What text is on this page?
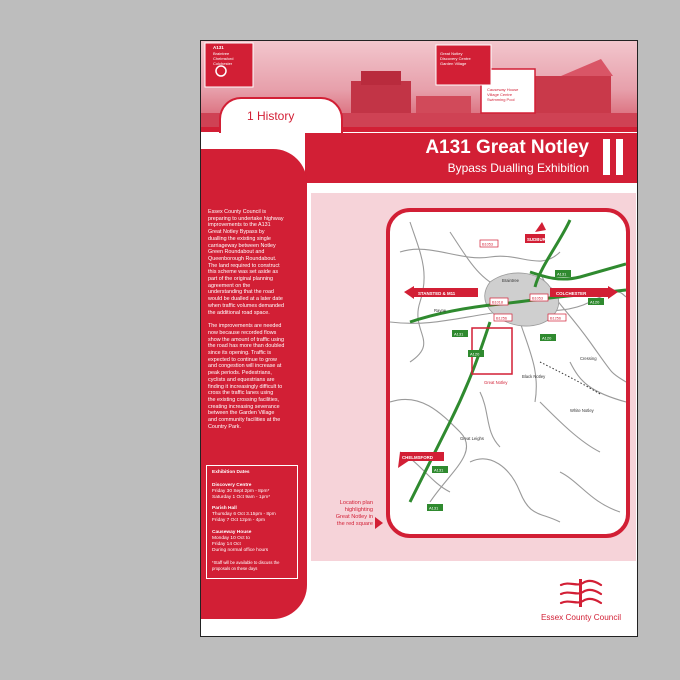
A131
Braintree
Chelmsford
Colchester
Great Notley
Discovery Centre
Garden Village
Causeway House
Village Centre
Swimming Pool
1 History
A131 Great Notley
Bypass Dualling Exhibition

Essex County Council is
preparing to undertake highway
improvements to the A131
Great Notley Bypass by
dualling the existing single
carriageway between Notley
Green Roundabout and
Queenborough Roundabout.
The land required to construct
this scheme was set aside as
part of the original planning
agreement on the
understanding that the road
would be dualled at a later date
when traffic volumes demanded
the additional road space.

The improvements are needed
now because recorded flows
show the amount of traffic using
the road has more than doubled
since its opening. Traffic is
expected to continue to grow
and congestion will increase at
peak periods. Pedestrians,
cyclists and equestrians are
finding it increasingly difficult to
cross the traffic lanes using
the existing crossing facilities,
creating increasing severance
between the Garden Village
and community facilities at the
Country Park.

Exhibition Dates
Discovery Centre
Friday 30 Sept 2pm - 8pm*
Saturday 1 Oct 9am - 1pm*
Parish Hall
Thursday 6 Oct 3.15pm - 8pm
Friday 7 Oct 12pm - 4pm
Causeway House
Monday 10 Oct to
Friday 14 Oct
During normal office hours
*Staff will be available to discuss the
proposals on these days
SUDBURY
STANSTED & M11	COLCHESTER
CHELMSFORD
A131
A120
A120
A131
A120
A131
A131
B1053
B1256
B1053
B1256
B1018
Braintree
Rayne
Black Notley
Great Leighs
Cressing
White Notley
Great Notley
Location plan
highlighting
Great Notley in
the red square
Essex County Council
